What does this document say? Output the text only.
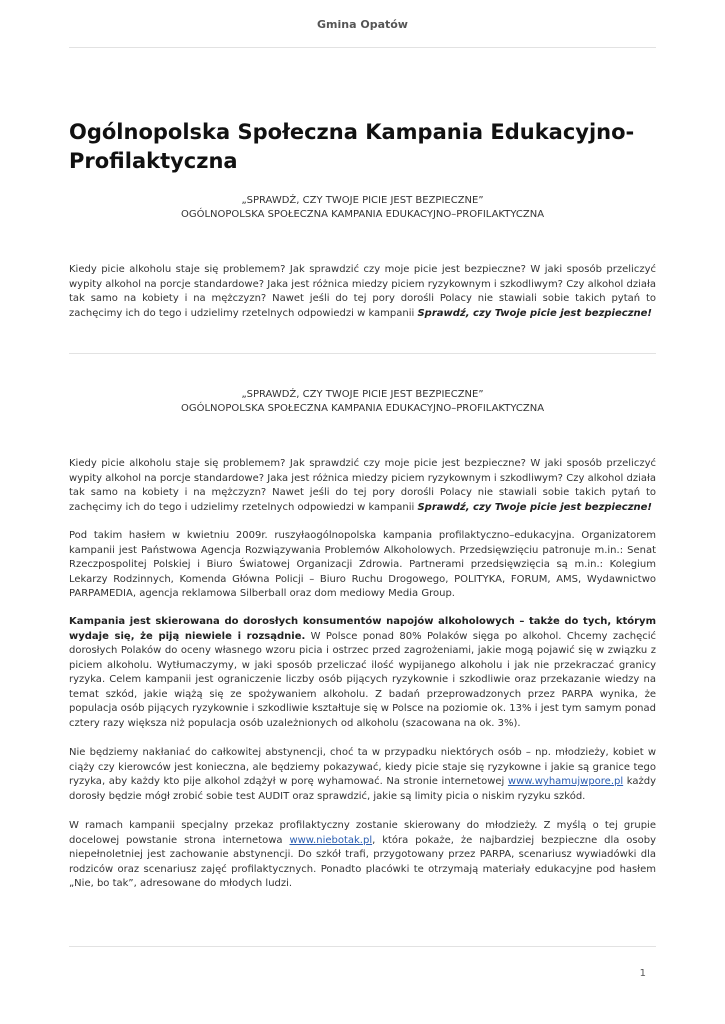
Gmina Opatów
Ogólnopolska Społeczna Kampania Edukacyjno-Profilaktyczna
„SPRAWDŹ, CZY TWOJE PICIE JEST BEZPIECZNE”
OGÓLNOPOLSKA SPOŁECZNA KAMPANIA EDUKACYJNO–PROFILAKTYCZNA

Kiedy picie alkoholu staje się problemem? Jak sprawdzić czy moje picie jest bezpieczne? W jaki sposób przeliczyć wypity alkohol na porcje standardowe? Jaka jest różnica miedzy piciem ryzykownym i szkodliwym? Czy alkohol działa tak samo na kobiety i na mężczyzn? Nawet jeśli do tej pory dorośli Polacy nie stawiali sobie takich pytań to zachęcimy ich do tego i udzielimy rzetelnych odpowiedzi w kampanii Sprawdź, czy Twoje picie jest bezpieczne!

„SPRAWDŹ, CZY TWOJE PICIE JEST BEZPIECZNE”
OGÓLNOPOLSKA SPOŁECZNA KAMPANIA EDUKACYJNO–PROFILAKTYCZNA

Kiedy picie alkoholu staje się problemem? Jak sprawdzić czy moje picie jest bezpieczne? W jaki sposób przeliczyć wypity alkohol na porcje standardowe? Jaka jest różnica miedzy piciem ryzykownym i szkodliwym? Czy alkohol działa tak samo na kobiety i na mężczyzn? Nawet jeśli do tej pory dorośli Polacy nie stawiali sobie takich pytań to zachęcimy ich do tego i udzielimy rzetelnych odpowiedzi w kampanii Sprawdź, czy Twoje picie jest bezpieczne!

Pod takim hasłem w kwietniu 2009r. ruszyłaogólnopolska kampania profilaktyczno–edukacyjna. Organizatorem kampanii jest Państwowa Agencja Rozwiązywania Problemów Alkoholowych. Przedsięwzięciu patronuje m.in.: Senat Rzeczpospolitej Polskiej i Biuro Światowej Organizacji Zdrowia. Partnerami przedsięwzięcia są m.in.: Kolegium Lekarzy Rodzinnych, Komenda Główna Policji – Biuro Ruchu Drogowego, POLITYKA, FORUM, AMS, Wydawnictwo PARPAMEDIA, agencja reklamowa Silberball oraz dom mediowy Media Group.

Kampania jest skierowana do dorosłych konsumentów napojów alkoholowych – także do tych, którym wydaje się, że piją niewiele i rozsądnie. W Polsce ponad 80% Polaków sięga po alkohol. Chcemy zachęcić dorosłych Polaków do oceny własnego wzoru picia i ostrzec przed zagrożeniami, jakie mogą pojawić się w związku z piciem alkoholu. Wytłumaczymy, w jaki sposób przeliczać ilość wypijanego alkoholu i jak nie przekraczać granicy ryzyka. Celem kampanii jest ograniczenie liczby osób pijących ryzykownie i szkodliwie oraz przekazanie wiedzy na temat szkód, jakie wiążą się ze spożywaniem alkoholu. Z badań przeprowadzonych przez PARPA wynika, że populacja osób pijących ryzykownie i szkodliwie kształtuje się w Polsce na poziomie ok. 13% i jest tym samym ponad cztery razy większa niż populacja osób uzależnionych od alkoholu (szacowana na ok. 3%).

Nie będziemy nakłaniać do całkowitej abstynencji, choć ta w przypadku niektórych osób – np. młodzieży, kobiet w ciąży czy kierowców jest konieczna, ale będziemy pokazywać, kiedy picie staje się ryzykowne i jakie są granice tego ryzyka, aby każdy kto pije alkohol zdążył w porę wyhamować. Na stronie internetowej www.wyhamujwpore.pl każdy dorosły będzie mógł zrobić sobie test AUDIT oraz sprawdzić, jakie są limity picia o niskim ryzyku szkód.

W ramach kampanii specjalny przekaz profilaktyczny zostanie skierowany do młodzieży. Z myślą o tej grupie docelowej powstanie strona internetowa www.niebotak.pl, która pokaże, że najbardziej bezpieczne dla osoby niepełnoletniej jest zachowanie abstynencji. Do szkół trafi, przygotowany przez PARPA, scenariusz wywiadówki dla rodziców oraz scenariusz zajęć profilaktycznych. Ponadto placówki te otrzymają materiały edukacyjne pod hasłem „Nie, bo tak”, adresowane do młodych ludzi.

1
